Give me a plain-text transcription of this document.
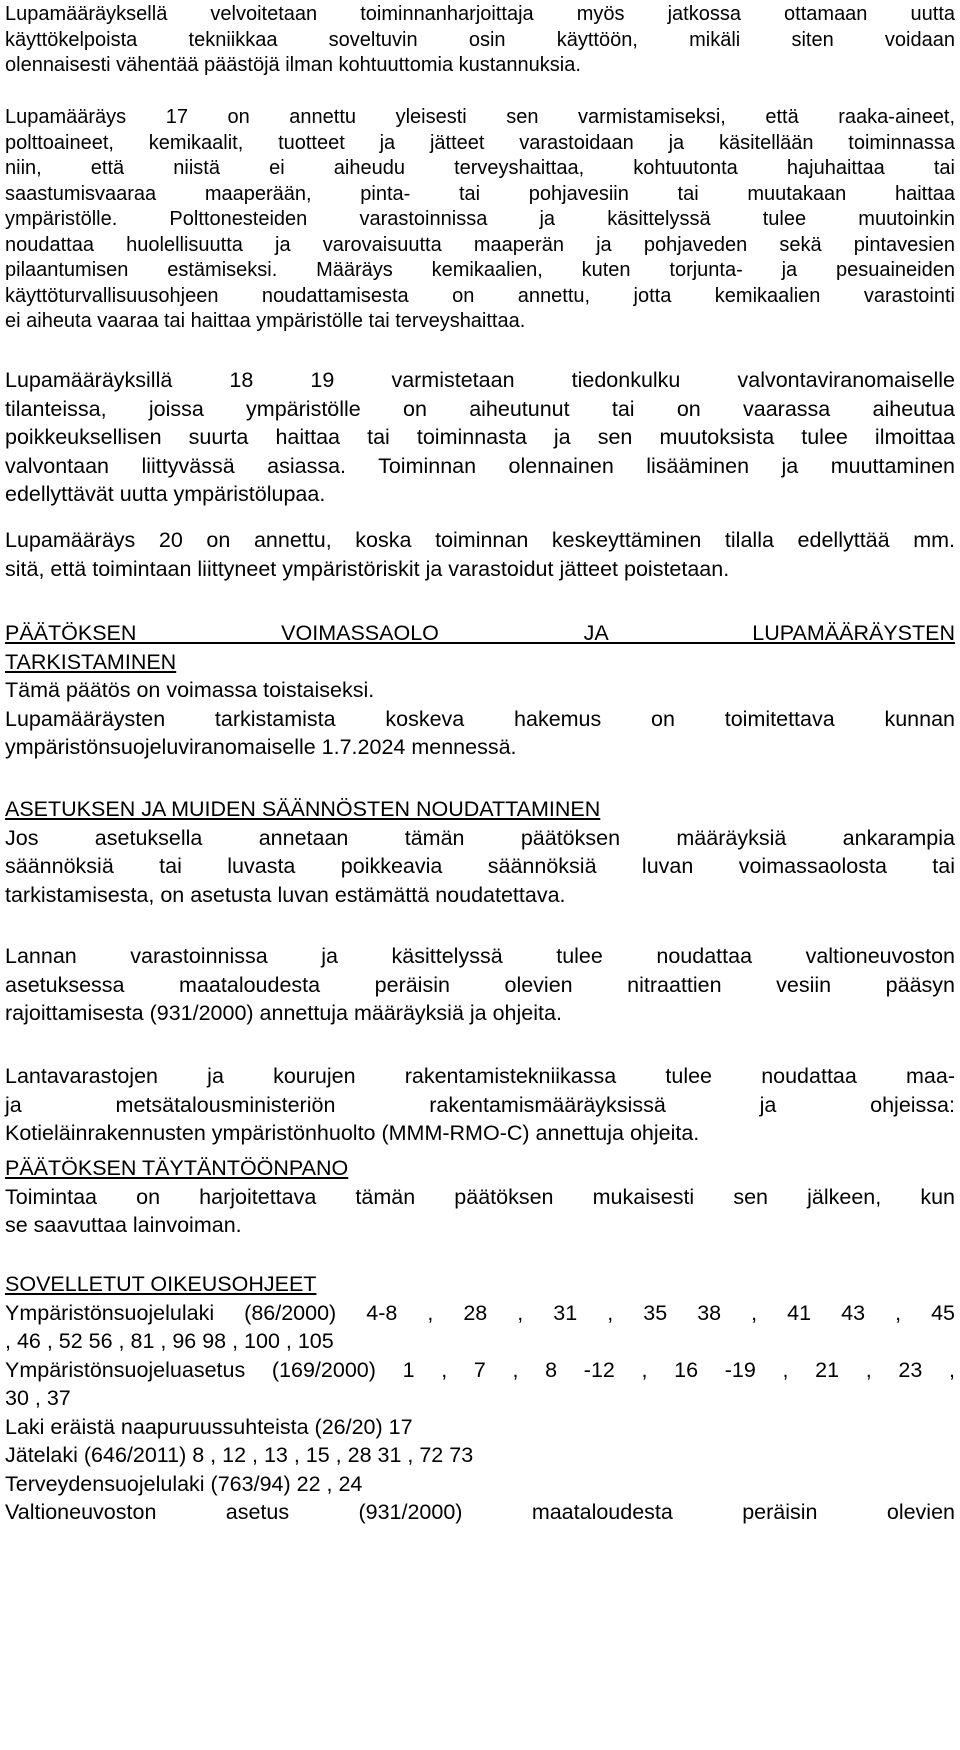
Lupamääräyksellä velvoitetaan toiminnanharjoittaja myös jatkossa ottamaan uutta
käyttökelpoista tekniikkaa soveltuvin osin käyttöön, mikäli siten voidaan
olennaisesti vähentää päästöjä ilman kohtuuttomia kustannuksia.
Lupamääräys 17 on annettu yleisesti sen varmistamiseksi, että raaka-aineet,
polttoaineet, kemikaalit, tuotteet ja jätteet varastoidaan ja käsitellään toiminnassa
niin, että niistä ei aiheudu terveyshaittaa, kohtuutonta hajuhaittaa tai
saastumisvaaraa maaperään, pinta- tai pohjavesiin tai muutakaan haittaa
ympäristölle. Polttonesteiden varastoinnissa ja käsittelyssä tulee muutoinkin
noudattaa huolellisuutta ja varovaisuutta maaperän ja pohjaveden sekä pintavesien
pilaantumisen estämiseksi. Määräys kemikaalien, kuten torjunta- ja pesuaineiden
käyttöturvallisuusohjeen noudattamisesta on annettu, jotta kemikaalien varastointi
ei aiheuta vaaraa tai haittaa ympäristölle tai terveyshaittaa.
Lupamääräyksillä 18 19 varmistetaan tiedonkulku valvontaviranomaiselle
tilanteissa, joissa ympäristölle on aiheutunut tai on vaarassa aiheutua
poikkeuksellisen suurta haittaa tai toiminnasta ja sen muutoksista tulee ilmoittaa
valvontaan liittyvässä asiassa. Toiminnan olennainen lisääminen ja muuttaminen
edellyttävät uutta ympäristölupaa.
Lupamääräys 20 on annettu, koska toiminnan keskeyttäminen tilalla edellyttää mm.
sitä, että toimintaan liittyneet ympäristöriskit ja varastoidut jätteet poistetaan.
PÄÄTÖKSEN VOIMASSAOLO JA LUPAMÄÄRÄYSTEN
TARKISTAMINEN
Tämä päätös on voimassa toistaiseksi.
Lupamääräysten tarkistamista koskeva hakemus on toimitettava kunnan
ympäristönsuojeluviranomaiselle 1.7.2024 mennessä.
ASETUKSEN JA MUIDEN SÄÄNNÖSTEN NOUDATTAMINEN
Jos asetuksella annetaan tämän päätöksen määräyksiä ankarampia
säännöksiä tai luvasta poikkeavia säännöksiä luvan voimassaolosta tai
tarkistamisesta, on asetusta luvan estämättä noudatettava.
Lannan varastoinnissa ja käsittelyssä tulee noudattaa valtioneuvoston
asetuksessa maataloudesta peräisin olevien nitraattien vesiin pääsyn
rajoittamisesta (931/2000) annettuja määräyksiä ja ohjeita.
Lantavarastojen ja kourujen rakentamistekniikassa tulee noudattaa maa-
ja metsätalousministeriön rakentamismääräyksissä ja ohjeissa:
Kotieläinrakennusten ympäristönhuolto (MMM-RMO-C) annettuja ohjeita.
PÄÄTÖKSEN TÄYTÄNTÖÖNPANO
Toimintaa on harjoitettava tämän päätöksen mukaisesti sen jälkeen, kun
se saavuttaa lainvoiman.
SOVELLETUT OIKEUSOHJEET
Ympäristönsuojelulaki (86/2000) 4-8 , 28 , 31 , 35 38 , 41 43 , 45
, 46 , 52 56 , 81 , 96 98 , 100 , 105
Ympäristönsuojeluasetus (169/2000) 1 , 7 , 8 -12 , 16 -19 , 21 , 23 ,
30 , 37
Laki eräistä naapuruussuhteista (26/20) 17
Jätelaki (646/2011) 8 , 12 , 13 , 15 , 28 31 , 72 73
Terveydensuojelulaki (763/94) 22 , 24
Valtioneuvoston asetus (931/2000) maataloudesta peräisin olevien
